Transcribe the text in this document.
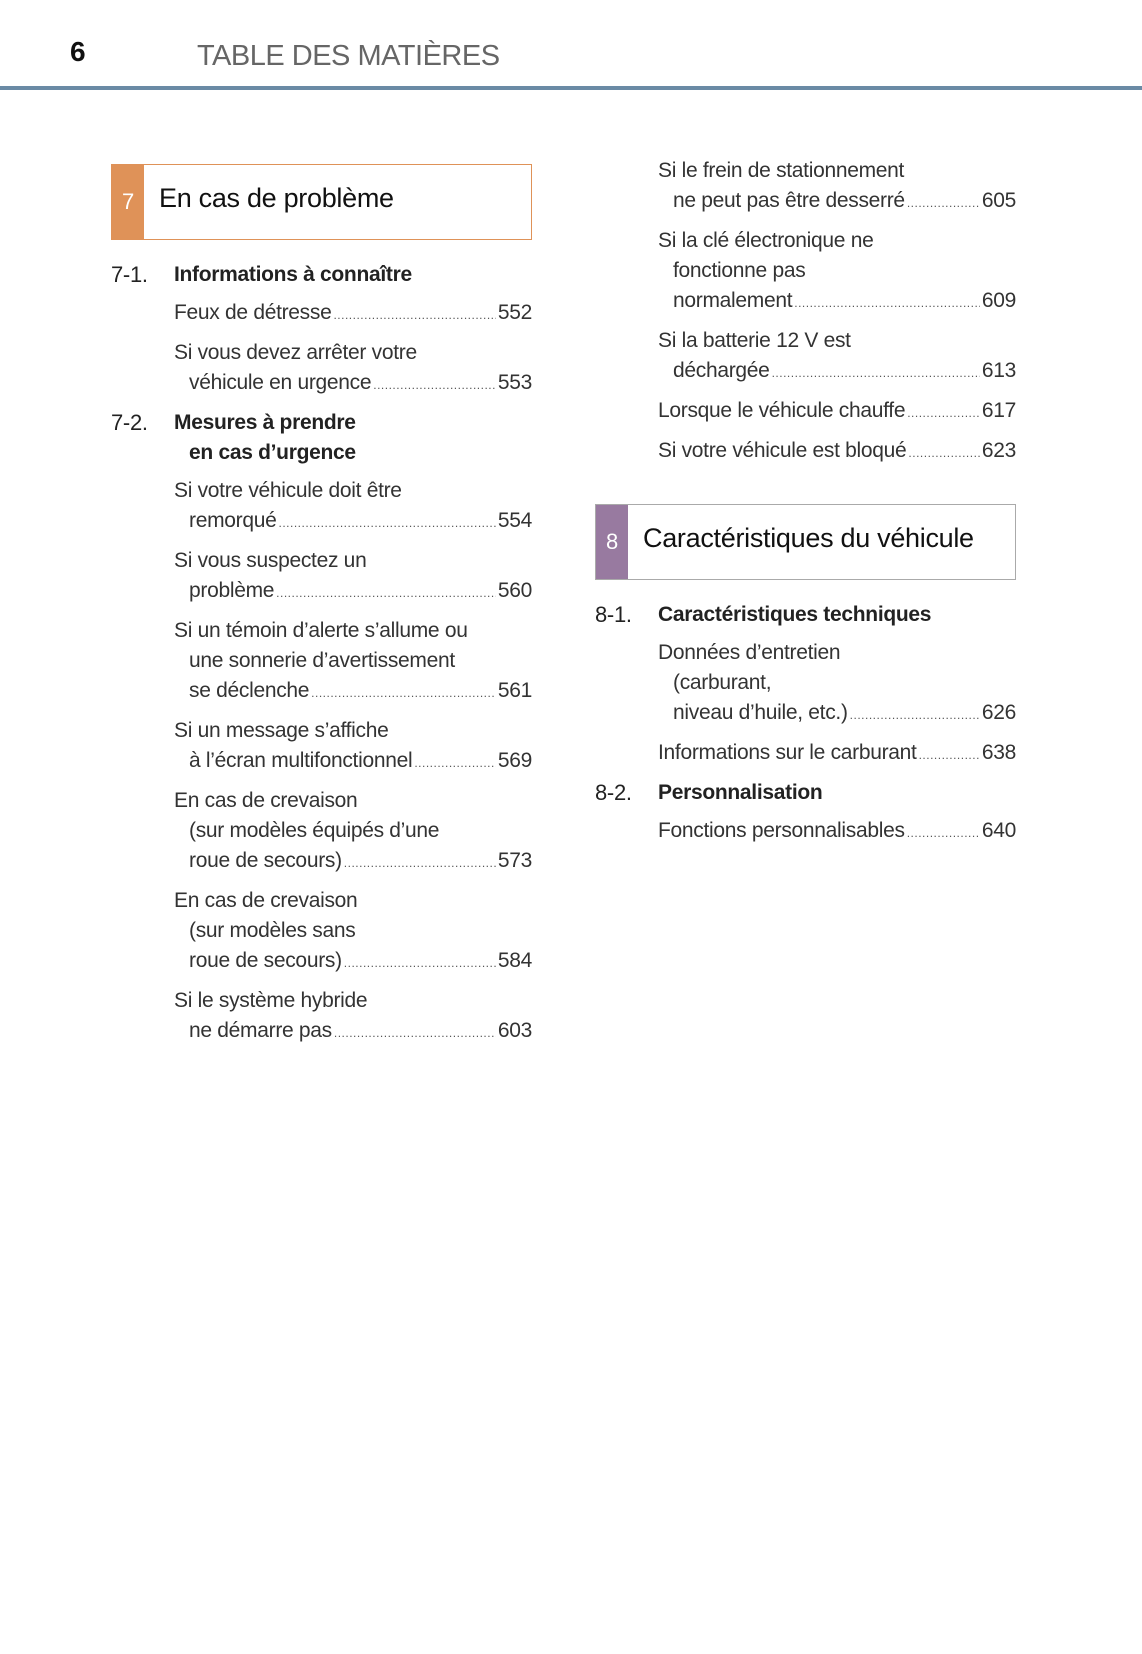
6	TABLE DES MATIÈRES
7 En cas de problème
7-1.	Informations à connaître
Feux de détresse .....	552
Si vous devez arrêter votre
véhicule en urgence .....	553
7-2.	Mesures à prendre
en cas d’urgence
Si votre véhicule doit être
remorqué .....	554
Si vous suspectez un
problème .....	560
Si un témoin d’alerte s’allume ou
une sonnerie d’avertissement
se déclenche .....	561
Si un message s’affiche
à l’écran multifonctionnel .....	569
En cas de crevaison
(sur modèles équipés d’une
roue de secours) .....	573
En cas de crevaison
(sur modèles sans
roue de secours) .....	584
Si le système hybride
ne démarre pas .....	603
Si le frein de stationnement
ne peut pas être desserré .....	605
Si la clé électronique ne
fonctionne pas
normalement .....	609
Si la batterie 12 V est
déchargée .....	613
Lorsque le véhicule chauffe .....	617
Si votre véhicule est bloqué .....	623
8 Caractéristiques du véhicule
8-1.	Caractéristiques techniques
Données d’entretien
(carburant,
niveau d’huile, etc.) .....	626
Informations sur le carburant .....	638
8-2.	Personnalisation
Fonctions personnalisables .....	640
